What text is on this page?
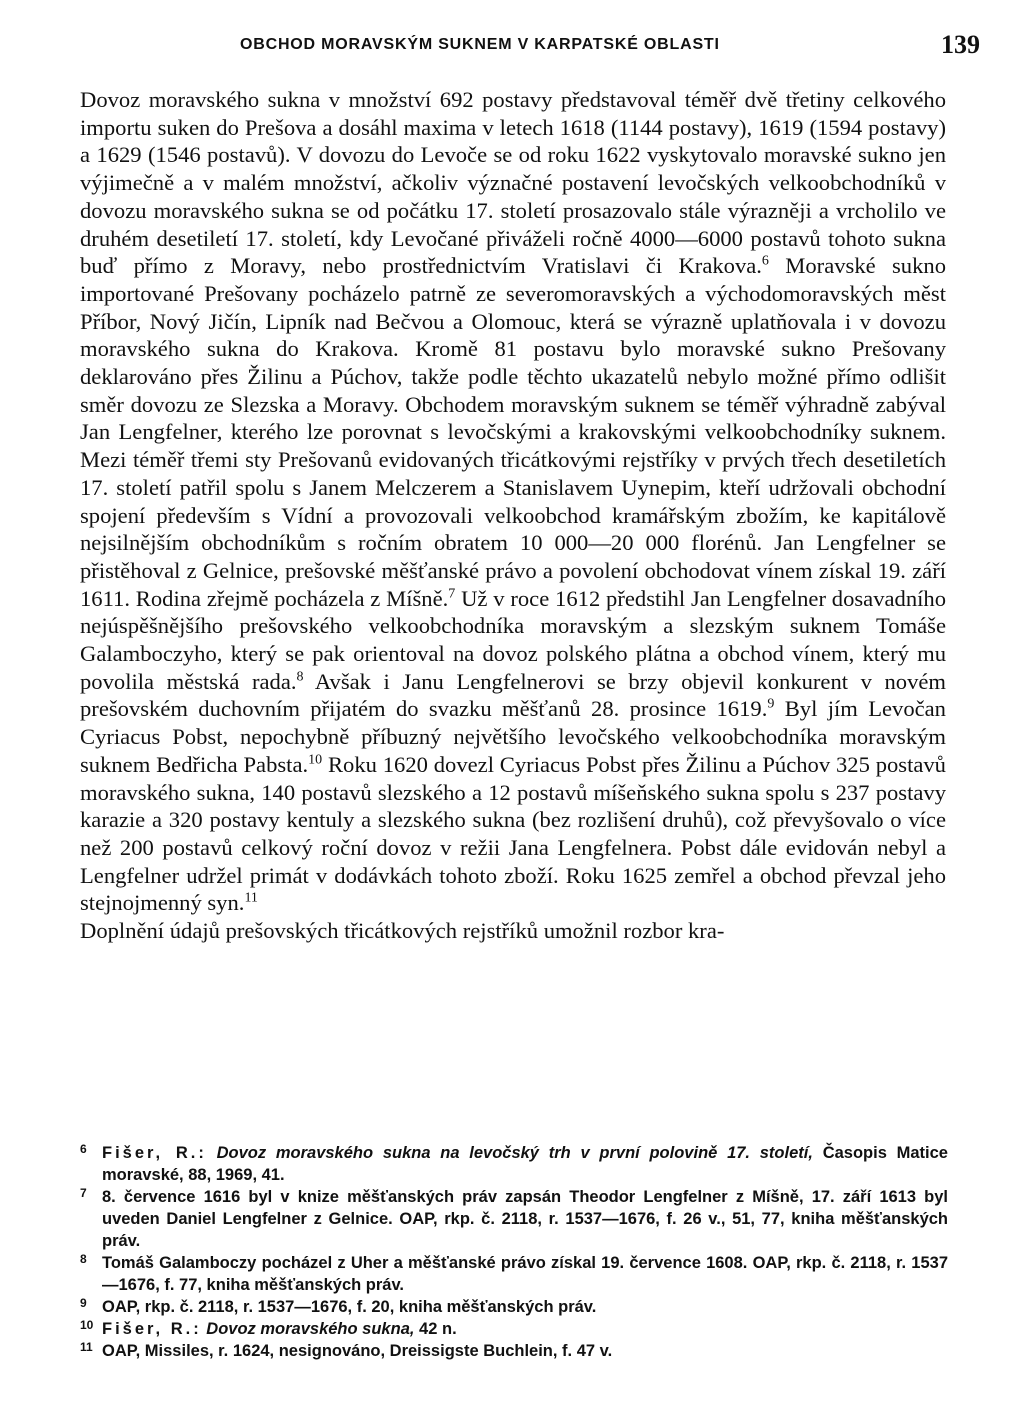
OBCHOD MORAVSKÝM SUKNEM V KARPATSKÉ OBLASTI	139

Dovoz moravského sukna v množství 692 postavy představoval téměř dvě třetiny celkového importu suken do Prešova a dosáhl maxima v letech 1618 (1144 postavy), 1619 (1594 postavy) a 1629 (1546 postavů). V dovozu do Levoče se od roku 1622 vyskytovalo moravské sukno jen výjimečně a v malém množství, ačkoliv význačné postavení levočských velkoobchodníků v dovozu moravského sukna se od počátku 17. století prosazovalo stále výrazněji a vrcholilo ve druhém desetiletí 17. století, kdy Levočané přiváželi ročně 4000—6000 postavů tohoto sukna buď přímo z Moravy, nebo prostřednictvím Vratislavi či Krakova.$^6$ Moravské sukno importované Prešovany pocházelo patrně ze severomoravských a východomoravských měst Příbor, Nový Jičín, Lipník nad Bečvou a Olomouc, která se výrazně uplatňovala i v dovozu moravského sukna do Krakova. Kromě 81 postavu bylo moravské sukno Prešovany deklarováno přes Žilinu a Púchov, takže podle těchto ukazatelů nebylo možné přímo odlišit směr dovozu ze Slezska a Moravy. Obchodem moravským suknem se téměř výhradně zabýval Jan Lengfelner, kterého lze porovnat s levočskými a krakovskými velkoobchodníky suknem. Mezi téměř třemi sty Prešovanů evidovaných třicátkovými rejstříky v prvých třech desetiletích 17. století patřil spolu s Janem Melczerem a Stanislavem Uynepim, kteří udržovali obchodní spojení především s Vídní a provozovali velkoobchod kramářským zbožím, ke kapitálově nejsilnějším obchodníkům s ročním obratem 10 000—20 000 florénů. Jan Lengfelner se přistěhoval z Gelnice, prešovské měšťanské právo a povolení obchodovat vínem získal 19. září 1611. Rodina zřejmě pocházela z Míšně.$^7$ Už v roce 1612 předstihl Jan Lengfelner dosavadního nejúspěšnějšího prešovského velkoobchodníka moravským a slezským suknem Tomáše Galamboczyho, který se pak orientoval na dovoz polského plátna a obchod vínem, který mu povolila městská rada.$^8$ Avšak i Janu Lengfelnerovi se brzy objevil konkurent v novém prešovském duchovním přijatém do svazku měšťanů 28. prosince 1619.$^9$ Byl jím Levočan Cyriacus Pobst, nepochybně příbuzný největšího levočského velkoobchodníka moravským suknem Bedřicha Pabsta.$^{10}$ Roku 1620 dovezl Cyriacus Pobst přes Žilinu a Púchov 325 postavů moravského sukna, 140 postavů slezského a 12 postavů míšeňského sukna spolu s 237 postavy karazie a 320 postavy kentuly a slezského sukna (bez rozlišení druhů), což převyšovalo o více než 200 postavů celkový roční dovoz v režii Jana Lengfelnera. Pobst dále evidován nebyl a Lengfelner udržel primát v dodávkách tohoto zboží. Roku 1625 zemřel a obchod převzal jeho stejnojmenný syn.$^{11}$

Doplnění údajů prešovských třicátkových rejstříků umožnil rozbor kra-

6 Fišer, R.: Dovoz moravského sukna na levočský trh v první polovině 17. století, Časopis Matice moravské, 88, 1969, 41.
7 8. července 1616 byl v knize měšťanských práv zapsán Theodor Lengfelner z Míšně, 17. září 1613 byl uveden Daniel Lengfelner z Gelnice. OAP, rkp. č. 2118, r. 1537—1676, f. 26 v., 51, 77, kniha měšťanských práv.
8 Tomáš Galamboczy pocházel z Uher a měšťanské právo získal 19. července 1608. OAP, rkp. č. 2118, r. 1537—1676, f. 77, kniha měšťanských práv.
9 OAP, rkp. č. 2118, r. 1537—1676, f. 20, kniha měšťanských práv.
10 Fišer, R.: Dovoz moravského sukna, 42 n.
11 OAP, Missiles, r. 1624, nesignováno, Dreissigste Buchlein, f. 47 v.
